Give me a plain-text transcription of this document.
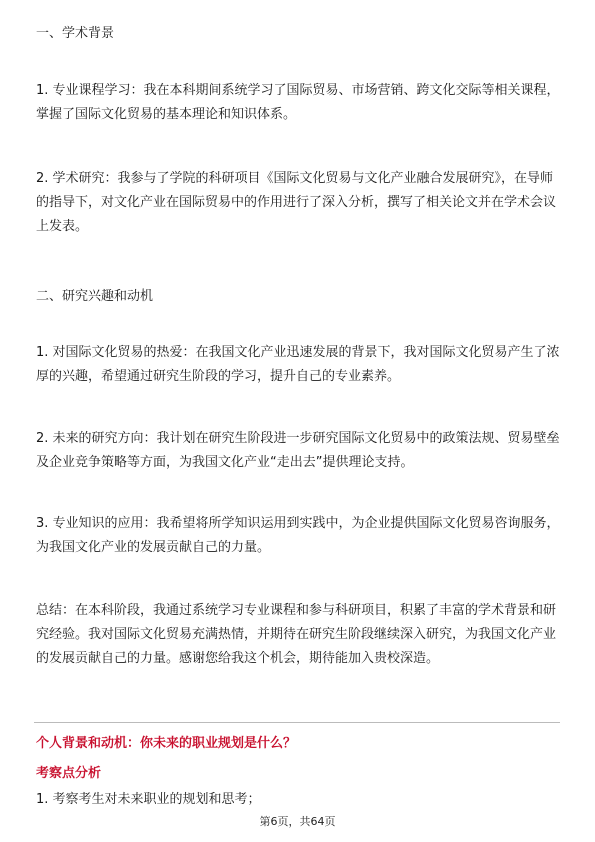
一、学术背景

1. 专业课程学习：我在本科期间系统学习了国际贸易、市场营销、跨文化交际等相关课程，掌握了国际文化贸易的基本理论和知识体系。

2. 学术研究：我参与了学院的科研项目《国际文化贸易与文化产业融合发展研究》，在导师的指导下，对文化产业在国际贸易中的作用进行了深入分析，撰写了相关论文并在学术会议上发表。

二、研究兴趣和动机

1. 对国际文化贸易的热爱：在我国文化产业迅速发展的背景下，我对国际文化贸易产生了浓厚的兴趣，希望通过研究生阶段的学习，提升自己的专业素养。

2. 未来的研究方向：我计划在研究生阶段进一步研究国际文化贸易中的政策法规、贸易壁垒及企业竞争策略等方面，为我国文化产业“走出去”提供理论支持。

3. 专业知识的应用：我希望将所学知识运用到实践中，为企业提供国际文化贸易咨询服务，为我国文化产业的发展贡献自己的力量。

总结：在本科阶段，我通过系统学习专业课程和参与科研项目，积累了丰富的学术背景和研究经验。我对国际文化贸易充满热情，并期待在研究生阶段继续深入研究，为我国文化产业的发展贡献自己的力量。感谢您给我这个机会，期待能加入贵校深造。

个人背景和动机：你未来的职业规划是什么？

考察点分析

1. 考察考生对未来职业的规划和思考；

第6页，共64页
